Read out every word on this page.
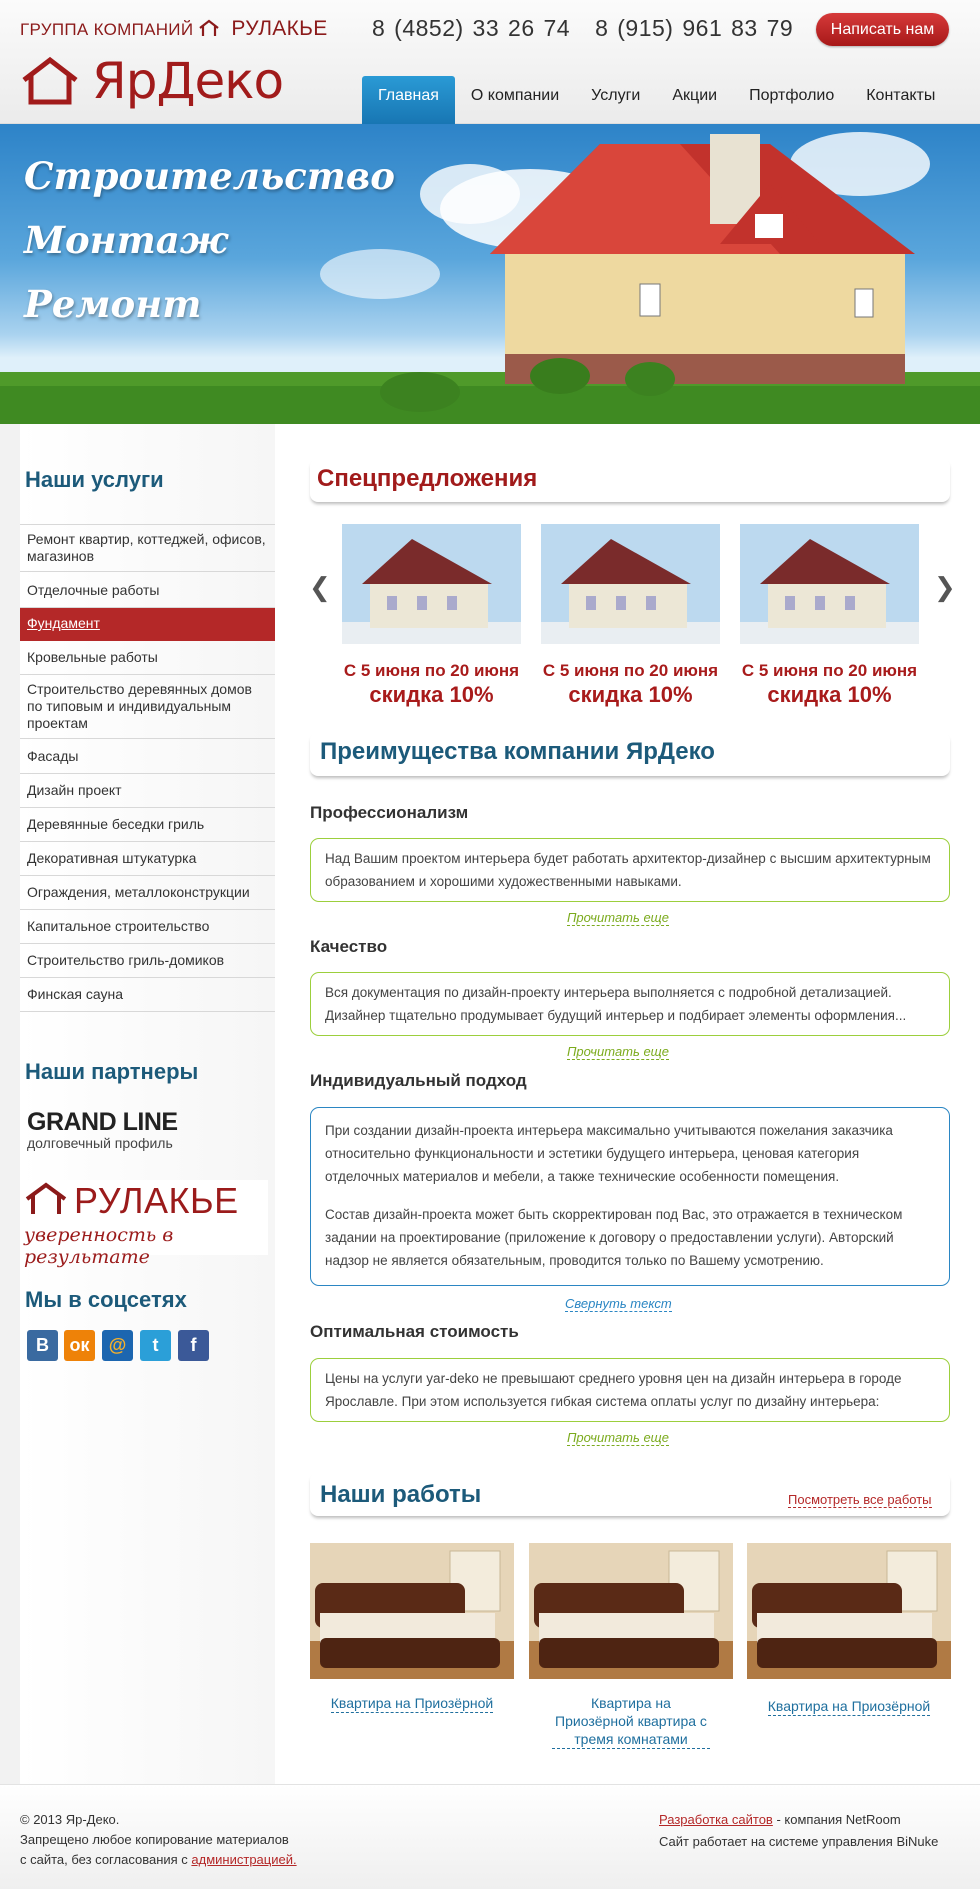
ГРУППА КОМПАНИЙ РУЛАКЬЕ
ЯрДеко
8 (4852) 33 26 74 8 (915) 961 83 79	Написать нам
Главная	О компании	Услуги	Акции	Портфолио	Контакты
Строительство
Монтаж
Ремонт
Наши услуги
Ремонт квартир, коттеджей, офисов, магазинов
Отделочные работы
Фундамент
Кровельные работы
Строительство деревянных домов по типовым и индивидуальным проектам
Фасады
Дизайн проект
Деревянные беседки гриль
Декоративная штукатурка
Ограждения, металлоконструкции
Капитальное строительство
Строительство гриль-домиков
Финская сауна
Наши партнеры
GRAND LINE
долговечный профиль
РУЛАКЬЕ
уверенность в результате
Мы в соцсетях
В	ок	@	t	f
Спецпредложения
❮	❯
С 5 июня по 20 июня
скидка 10%
С 5 июня по 20 июня
скидка 10%
С 5 июня по 20 июня
скидка 10%
Преимущества компании ЯрДеко
Профессионализм
Над Вашим проектом интерьера будет работать архитектор-дизайнер с высшим архитектурным образованием и хорошими художественными навыками.
Прочитать еще
Качество
Вся документация по дизайн-проекту интерьера выполняется с подробной детализацией. Дизайнер тщательно продумывает будущий интерьер и подбирает элементы оформления...
Прочитать еще
Индивидуальный подход

При создании дизайн-проекта интерьера максимально учитываются пожелания заказчика относительно функциональности и эстетики будущего интерьера, ценовая категория отделочных материалов и мебели, а также технические особенности помещения.

Состав дизайн-проекта может быть скорректирован под Вас, это отражается в техническом задании на проектирование (приложение к договору о предоставлении услуги). Авторский надзор не является обязательным, проводится только по Вашему усмотрению.

Свернуть текст
Оптимальная стоимость
Цены на услуги yar-deko не превышают среднего уровня цен на дизайн интерьера в городе Ярославле. При этом используется гибкая система оплаты услуг по дизайну интерьера:
Прочитать еще
Наши работы	Посмотреть все работы
Квартира на Приозёрной	Квартира на Приозёрной квартира с тремя комнатами
Квартира на Приозёрной
© 2013 Яр-Деко.
Запрещено любое копирование материалов
с сайта, без согласования с администрацией.
Разработка сайтов - компания NetRoom
Сайт работает на системе управления BiNuke
